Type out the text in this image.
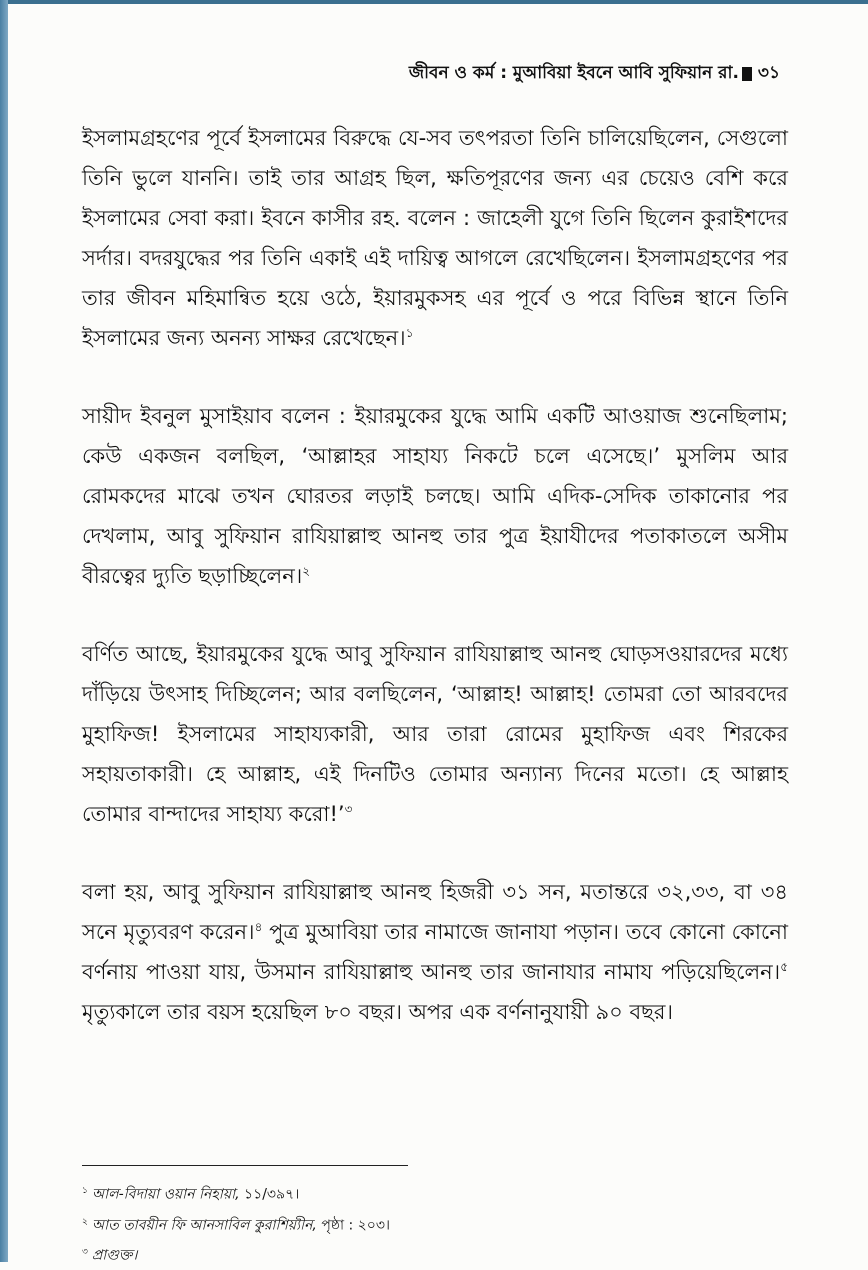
জীবন ও কর্ম : মুআবিয়া ইবনে আবি সুফিয়ান রা. ৩১

ইসলামগ্রহণের পূর্বে ইসলামের বিরুদ্ধে যে-সব তৎপরতা তিনি চালিয়েছিলেন, সেগুলো তিনি ভুলে যাননি। তাই তার আগ্রহ ছিল, ক্ষতিপূরণের জন্য এর চেয়েও বেশি করে ইসলামের সেবা করা। ইবনে কাসীর রহ. বলেন : জাহেলী যুগে তিনি ছিলেন কুরাইশদের সর্দার। বদরযুদ্ধের পর তিনি একাই এই দায়িত্ব আগলে রেখেছিলেন। ইসলামগ্রহণের পর তার জীবন মহিমান্বিত হয়ে ওঠে, ইয়ারমুকসহ এর পূর্বে ও পরে বিভিন্ন স্থানে তিনি ইসলামের জন্য অনন্য সাক্ষর রেখেছেন।$^১$

সায়ীদ ইবনুল মুসাইয়াব বলেন : ইয়ারমুকের যুদ্ধে আমি একটি আওয়াজ শুনেছিলাম; কেউ একজন বলছিল, ‘আল্লাহর সাহায্য নিকটে চলে এসেছে।’ মুসলিম আর রোমকদের মাঝে তখন ঘোরতর লড়াই চলছে। আমি এদিক-সেদিক তাকানোর পর দেখলাম, আবু সুফিয়ান রাযিয়াল্লাহু আনহু তার পুত্র ইয়াযীদের পতাকাতলে অসীম বীরত্বের দ্যুতি ছড়াচ্ছিলেন।$^২$

বর্ণিত আছে, ইয়ারমুকের যুদ্ধে আবু সুফিয়ান রাযিয়াল্লাহু আনহু ঘোড়সওয়ারদের মধ্যে দাঁড়িয়ে উৎসাহ দিচ্ছিলেন; আর বলছিলেন, ‘আল্লাহ! আল্লাহ! তোমরা তো আরবদের মুহাফিজ! ইসলামের সাহায্যকারী, আর তারা রোমের মুহাফিজ এবং শিরকের সহায়তাকারী। হে আল্লাহ, এই দিনটিও তোমার অন্যান্য দিনের মতো। হে আল্লাহ তোমার বান্দাদের সাহায্য করো!’$^৩$

বলা হয়, আবু সুফিয়ান রাযিয়াল্লাহু আনহু হিজরী ৩১ সন, মতান্তরে ৩২,৩৩, বা ৩৪ সনে মৃত্যুবরণ করেন।$^৪$ পুত্র মুআবিয়া তার নামাজে জানাযা পড়ান। তবে কোনো কোনো বর্ণনায় পাওয়া যায়, উসমান রাযিয়াল্লাহু আনহু তার জানাযার নামায পড়িয়েছিলেন।$^৫$ মৃত্যুকালে তার বয়স হয়েছিল ৮০ বছর। অপর এক বর্ণনানুযায়ী ৯০ বছর।

$^১$ আল-বিদায়া ওয়ান নিহায়া, ১১/৩৯৭।
$^২$ আত তাবয়ীন ফি আনসাবিল কুরাশিয়্যীন, পৃষ্ঠা : ২০৩।
$^৩$ প্রাগুক্ত।
